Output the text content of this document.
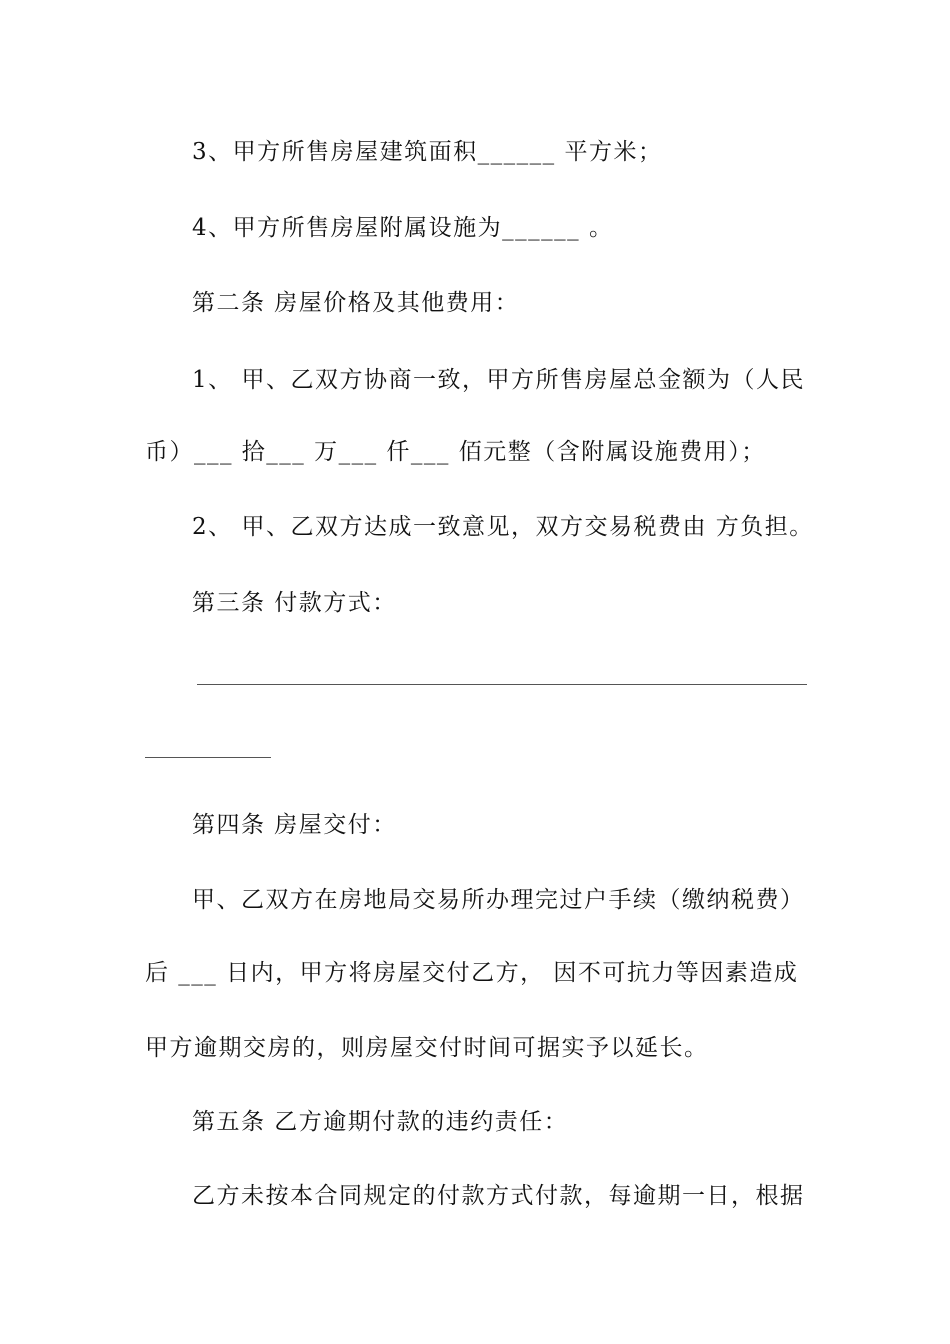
3、甲方所售房屋建筑面积______ 平方米；
4、甲方所售房屋附属设施为______ 。
第二条 房屋价格及其他费用：
1、 甲、乙双方协商一致，甲方所售房屋总金额为（人民
币）___ 拾___ 万___ 仟___ 佰元整（含附属设施费用）；
2、 甲、乙双方达成一致意见，双方交易税费由 方负担。
第三条 付款方式：
第四条 房屋交付：
甲、乙双方在房地局交易所办理完过户手续（缴纳税费）
后 ___ 日内，甲方将房屋交付乙方， 因不可抗力等因素造成
甲方逾期交房的，则房屋交付时间可据实予以延长。
第五条 乙方逾期付款的违约责任：
乙方未按本合同规定的付款方式付款，每逾期一日，根据
